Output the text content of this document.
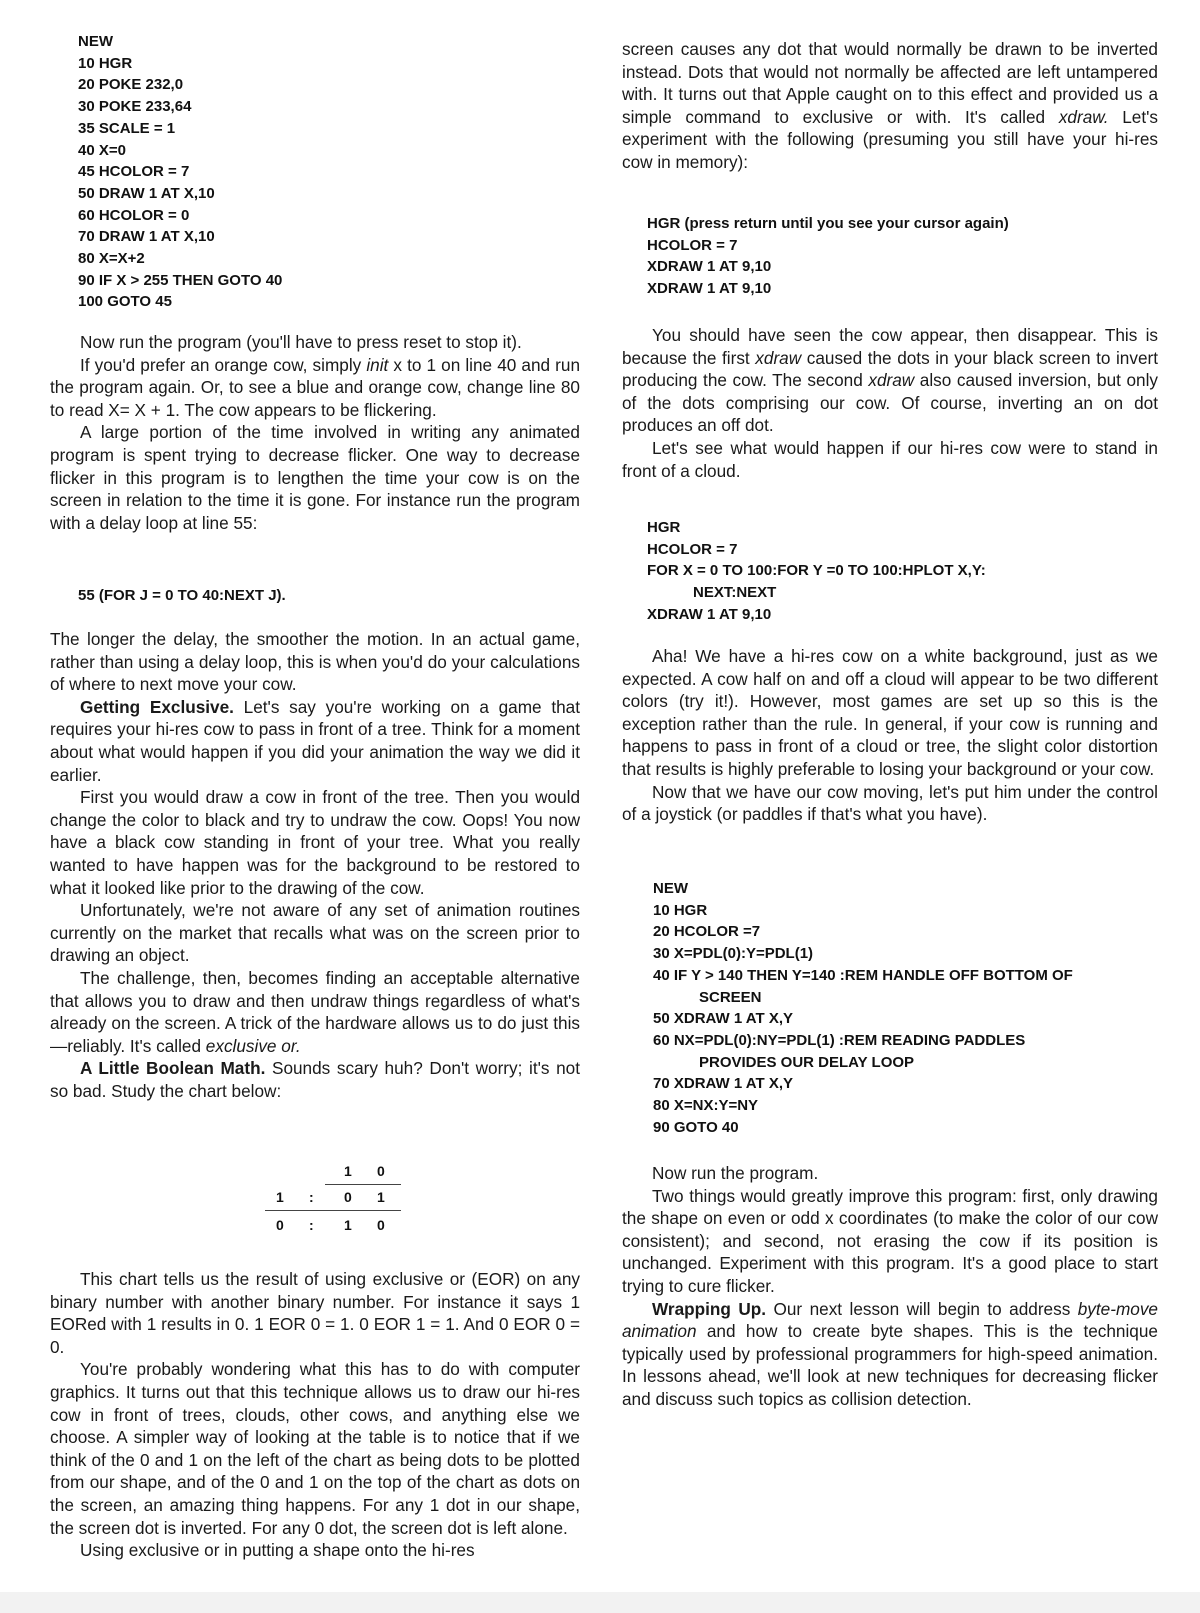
NEW
10 HGR
20 POKE 232,0
30 POKE 233,64
35 SCALE = 1
40 X=0
45 HCOLOR = 7
50 DRAW 1 AT X,10
60 HCOLOR = 0
70 DRAW 1 AT X,10
80 X=X+2
90 IF X > 255 THEN GOTO 40
100 GOTO 45

Now run the program (you'll have to press reset to stop it).

If you'd prefer an orange cow, simply init x to 1 on line 40 and run the program again. Or, to see a blue and orange cow, change line 80 to read X= X + 1. The cow appears to be flickering.

A large portion of the time involved in writing any animated program is spent trying to decrease flicker. One way to decrease flicker in this program is to lengthen the time your cow is on the screen in relation to the time it is gone. For instance run the program with a delay loop at line 55:

55 (FOR J = 0 TO 40:NEXT J).

The longer the delay, the smoother the motion. In an actual game, rather than using a delay loop, this is when you'd do your calculations of where to next move your cow.

Getting Exclusive. Let's say you're working on a game that requires your hi-res cow to pass in front of a tree. Think for a moment about what would happen if you did your animation the way we did it earlier.

First you would draw a cow in front of the tree. Then you would change the color to black and try to undraw the cow. Oops! You now have a black cow standing in front of your tree. What you really wanted to have happen was for the background to be restored to what it looked like prior to the drawing of the cow.

Unfortunately, we're not aware of any set of animation routines currently on the market that recalls what was on the screen prior to drawing an object.

The challenge, then, becomes finding an acceptable alternative that allows you to draw and then undraw things regardless of what's already on the screen. A trick of the hardware allows us to do just this—reliably. It's called exclusive or.

A Little Boolean Math. Sounds scary huh? Don't worry; it's not so bad. Study the chart below:

This chart tells us the result of using exclusive or (EOR) on any binary number with another binary number. For instance it says 1 EORed with 1 results in 0. 1 EOR 0 = 1. 0 EOR 1 = 1. And 0 EOR 0 = 0.

You're probably wondering what this has to do with computer graphics. It turns out that this technique allows us to draw our hi-res cow in front of trees, clouds, other cows, and anything else we choose. A simpler way of looking at the table is to notice that if we think of the 0 and 1 on the left of the chart as being dots to be plotted from our shape, and of the 0 and 1 on the top of the chart as dots on the screen, an amazing thing happens. For any 1 dot in our shape, the screen dot is inverted. For any 0 dot, the screen dot is left alone.

Using exclusive or in putting a shape onto the hi-res

1 0
1 : 0 1
0 : 1 0

screen causes any dot that would normally be drawn to be inverted instead. Dots that would not normally be affected are left untampered with. It turns out that Apple caught on to this effect and provided us a simple command to exclusive or with. It's called xdraw. Let's experiment with the following (presuming you still have your hi-res cow in memory):

HGR (press return until you see your cursor again)
HCOLOR = 7
XDRAW 1 AT 9,10
XDRAW 1 AT 9,10

You should have seen the cow appear, then disappear. This is because the first xdraw caused the dots in your black screen to invert producing the cow. The second xdraw also caused inversion, but only of the dots comprising our cow. Of course, inverting an on dot produces an off dot.

Let's see what would happen if our hi-res cow were to stand in front of a cloud.

HGR
HCOLOR = 7
FOR X = 0 TO 100:FOR Y =0 TO 100:HPLOT X,Y:
NEXT:NEXT
XDRAW 1 AT 9,10

Aha! We have a hi-res cow on a white background, just as we expected. A cow half on and off a cloud will appear to be two different colors (try it!). However, most games are set up so this is the exception rather than the rule. In general, if your cow is running and happens to pass in front of a cloud or tree, the slight color distortion that results is highly preferable to losing your background or your cow.

Now that we have our cow moving, let's put him under the control of a joystick (or paddles if that's what you have).

NEW
10 HGR
20 HCOLOR =7
30 X=PDL(0):Y=PDL(1)
40 IF Y > 140 THEN Y=140 :REM HANDLE OFF BOTTOM OF
SCREEN
50 XDRAW 1 AT X,Y
60 NX=PDL(0):NY=PDL(1) :REM READING PADDLES
PROVIDES OUR DELAY LOOP
70 XDRAW 1 AT X,Y
80 X=NX:Y=NY
90 GOTO 40

Now run the program.

Two things would greatly improve this program: first, only drawing the shape on even or odd x coordinates (to make the color of our cow consistent); and second, not erasing the cow if its position is unchanged. Experiment with this program. It's a good place to start trying to cure flicker.

Wrapping Up. Our next lesson will begin to address byte-move animation and how to create byte shapes. This is the technique typically used by professional programmers for high-speed animation. In lessons ahead, we'll look at new techniques for decreasing flicker and discuss such topics as collision detection.
